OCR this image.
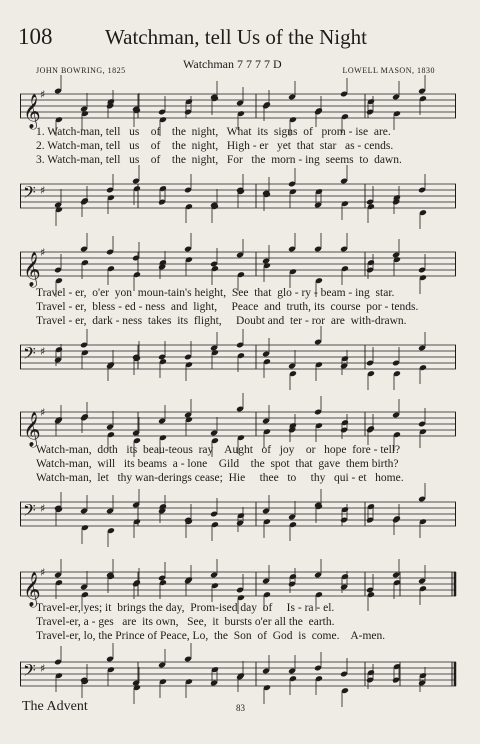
108	Watchman, tell Us of the Night
Watchman 7 7 7 7 D
JOHN BOWRING, 1825	LOWELL MASON, 1830
𝄞 ♯
1. Watch-man, tell   us    of    the  night,   What  its  signs  of   prom - ise  are.
2. Watch-man, tell   us    of    the  night,   High - er   yet  that  star   as - cends.
3. Watch-man, tell   us    of    the  night,   For   the  morn - ing  seems  to  dawn.
𝄢 ♯
𝄞 ♯
Travel - er,  o'er  yon  moun-tain's height,  See  that  glo - ry - beam - ing  star.
Travel - er,  bless - ed - ness  and  light,     Peace  and  truth, its  course  por - tends.
Travel - er,  dark - ness  takes  its  flight,     Doubt and  ter - ror  are  with-drawn.
𝄢 ♯
𝄞 ♯
Watch-man,  doth   its  beau-teous  ray    Aught   of   joy    or   hope  fore - tell?
Watch-man,  will   its beams  a - lone    Gild    the  spot  that  gave  them birth?
Watch-man,  let   thy wan-derings cease;  Hie     thee   to     thy   qui - et   home.
𝄢 ♯
𝄞 ♯
Travel-er, yes; it  brings the day,  Prom-ised day  of     Is - ra - el.
Travel-er, a - ges   are  its own,   See,  it  bursts o'er all the  earth.
Travel-er, lo, the Prince of Peace, Lo,  the  Son  of  God  is  come.    A-men.
𝄢 ♯
The Advent	83
